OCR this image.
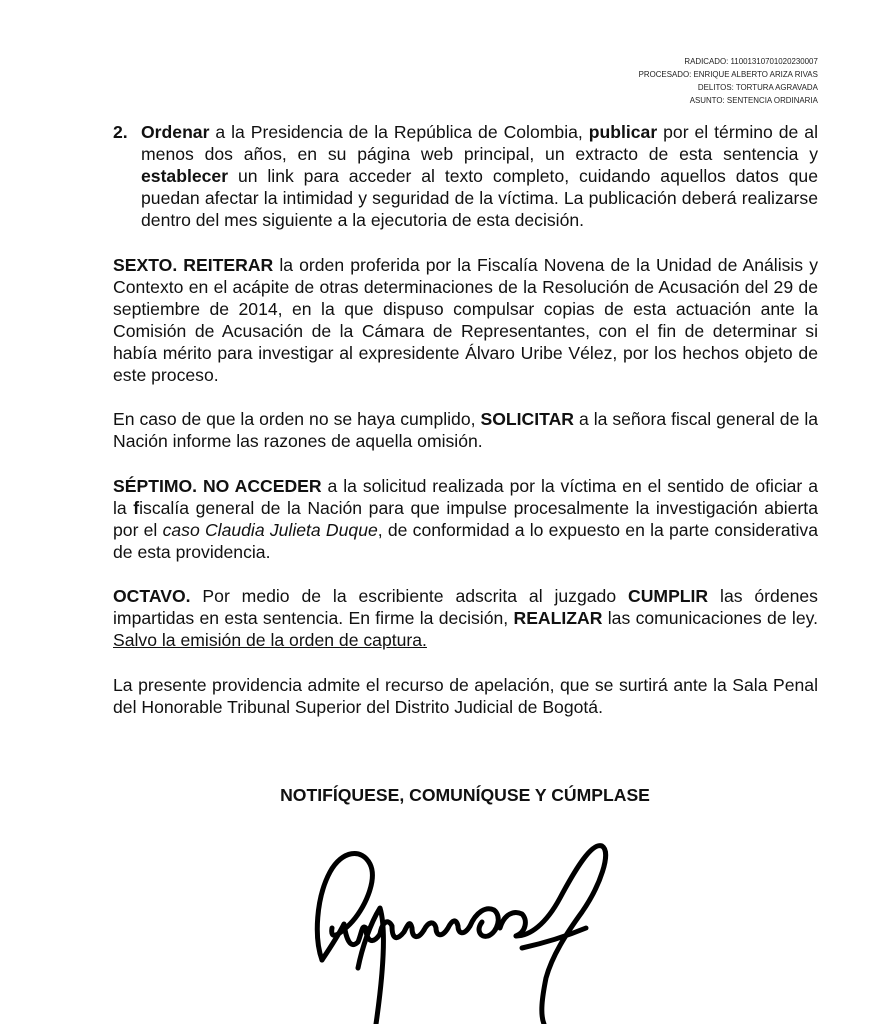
RADICADO: 11001310701020230007
PROCESADO: ENRIQUE ALBERTO ARIZA RIVAS
DELITOS: TORTURA AGRAVADA
ASUNTO: SENTENCIA ORDINARIA
2. Ordenar a la Presidencia de la República de Colombia, publicar por el término de al menos dos años, en su página web principal, un extracto de esta sentencia y establecer un link para acceder al texto completo, cuidando aquellos datos que puedan afectar la intimidad y seguridad de la víctima. La publicación deberá realizarse dentro del mes siguiente a la ejecutoria de esta decisión.

SEXTO. REITERAR la orden proferida por la Fiscalía Novena de la Unidad de Análisis y Contexto en el acápite de otras determinaciones de la Resolución de Acusación del 29 de septiembre de 2014, en la que dispuso compulsar copias de esta actuación ante la Comisión de Acusación de la Cámara de Representantes, con el fin de determinar si había mérito para investigar al expresidente Álvaro Uribe Vélez, por los hechos objeto de este proceso.

En caso de que la orden no se haya cumplido, SOLICITAR a la señora fiscal general de la Nación informe las razones de aquella omisión.

SÉPTIMO. NO ACCEDER a la solicitud realizada por la víctima en el sentido de oficiar a la fiscalía general de la Nación para que impulse procesalmente la investigación abierta por el caso Claudia Julieta Duque, de conformidad a lo expuesto en la parte considerativa de esta providencia.

OCTAVO. Por medio de la escribiente adscrita al juzgado CUMPLIR las órdenes impartidas en esta sentencia. En firme la decisión, REALIZAR las comunicaciones de ley. Salvo la emisión de la orden de captura.

La presente providencia admite el recurso de apelación, que se surtirá ante la Sala Penal del Honorable Tribunal Superior del Distrito Judicial de Bogotá.

NOTIFÍQUESE, COMUNÍQUSE Y CÚMPLASE
